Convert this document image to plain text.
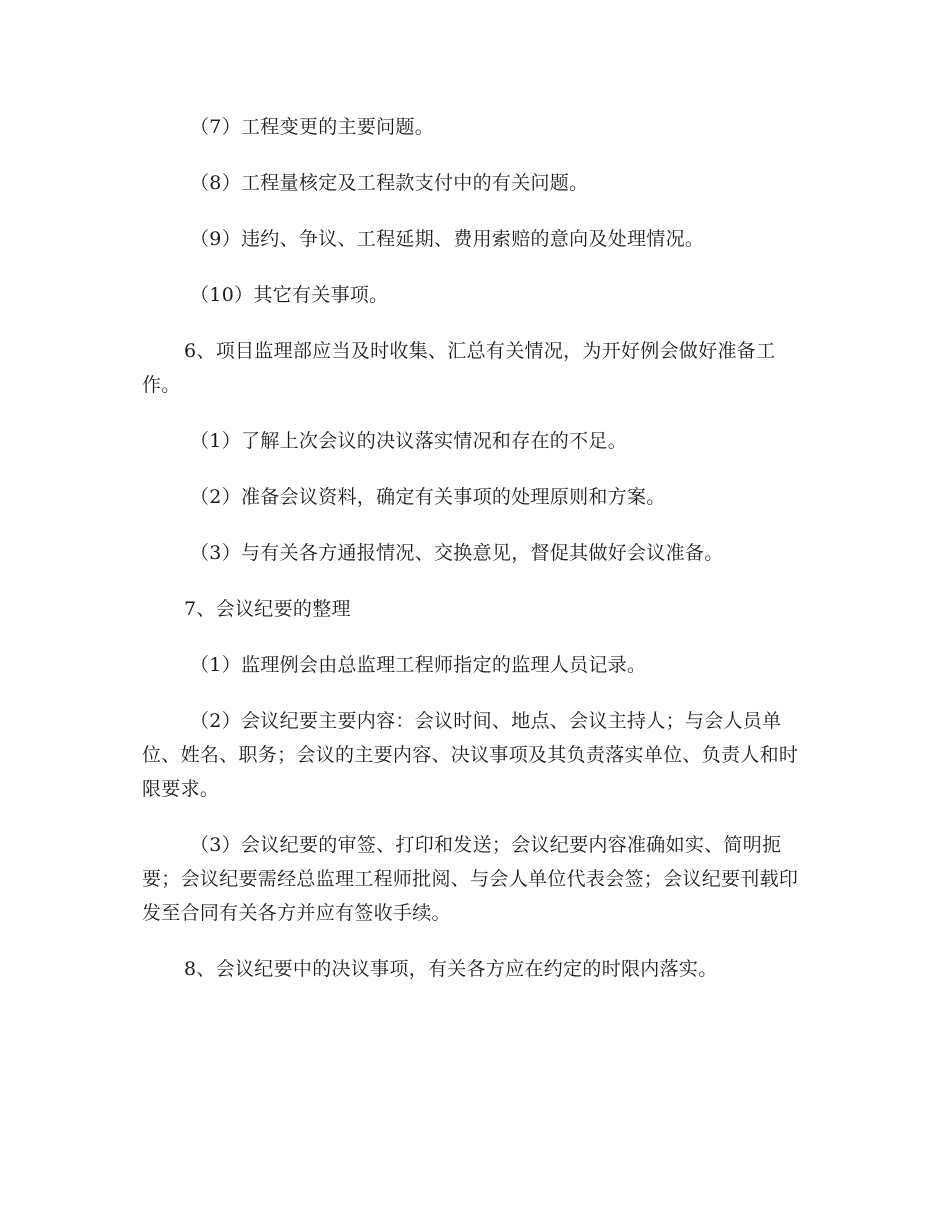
（7）工程变更的主要问题。

（8）工程量核定及工程款支付中的有关问题。

（9）违约、争议、工程延期、费用索赔的意向及处理情况。

（10）其它有关事项。

6、项目监理部应当及时收集、汇总有关情况，为开好例会做好准备工作。

（1）了解上次会议的决议落实情况和存在的不足。

（2）准备会议资料，确定有关事项的处理原则和方案。

（3）与有关各方通报情况、交换意见，督促其做好会议准备。

7、会议纪要的整理

（1）监理例会由总监理工程师指定的监理人员记录。

（2）会议纪要主要内容：会议时间、地点、会议主持人；与会人员单位、姓名、职务；会议的主要内容、决议事项及其负责落实单位、负责人和时限要求。

（3）会议纪要的审签、打印和发送；会议纪要内容准确如实、简明扼要；会议纪要需经总监理工程师批阅、与会人单位代表会签；会议纪要刊载印发至合同有关各方并应有签收手续。

8、会议纪要中的决议事项，有关各方应在约定的时限内落实。
